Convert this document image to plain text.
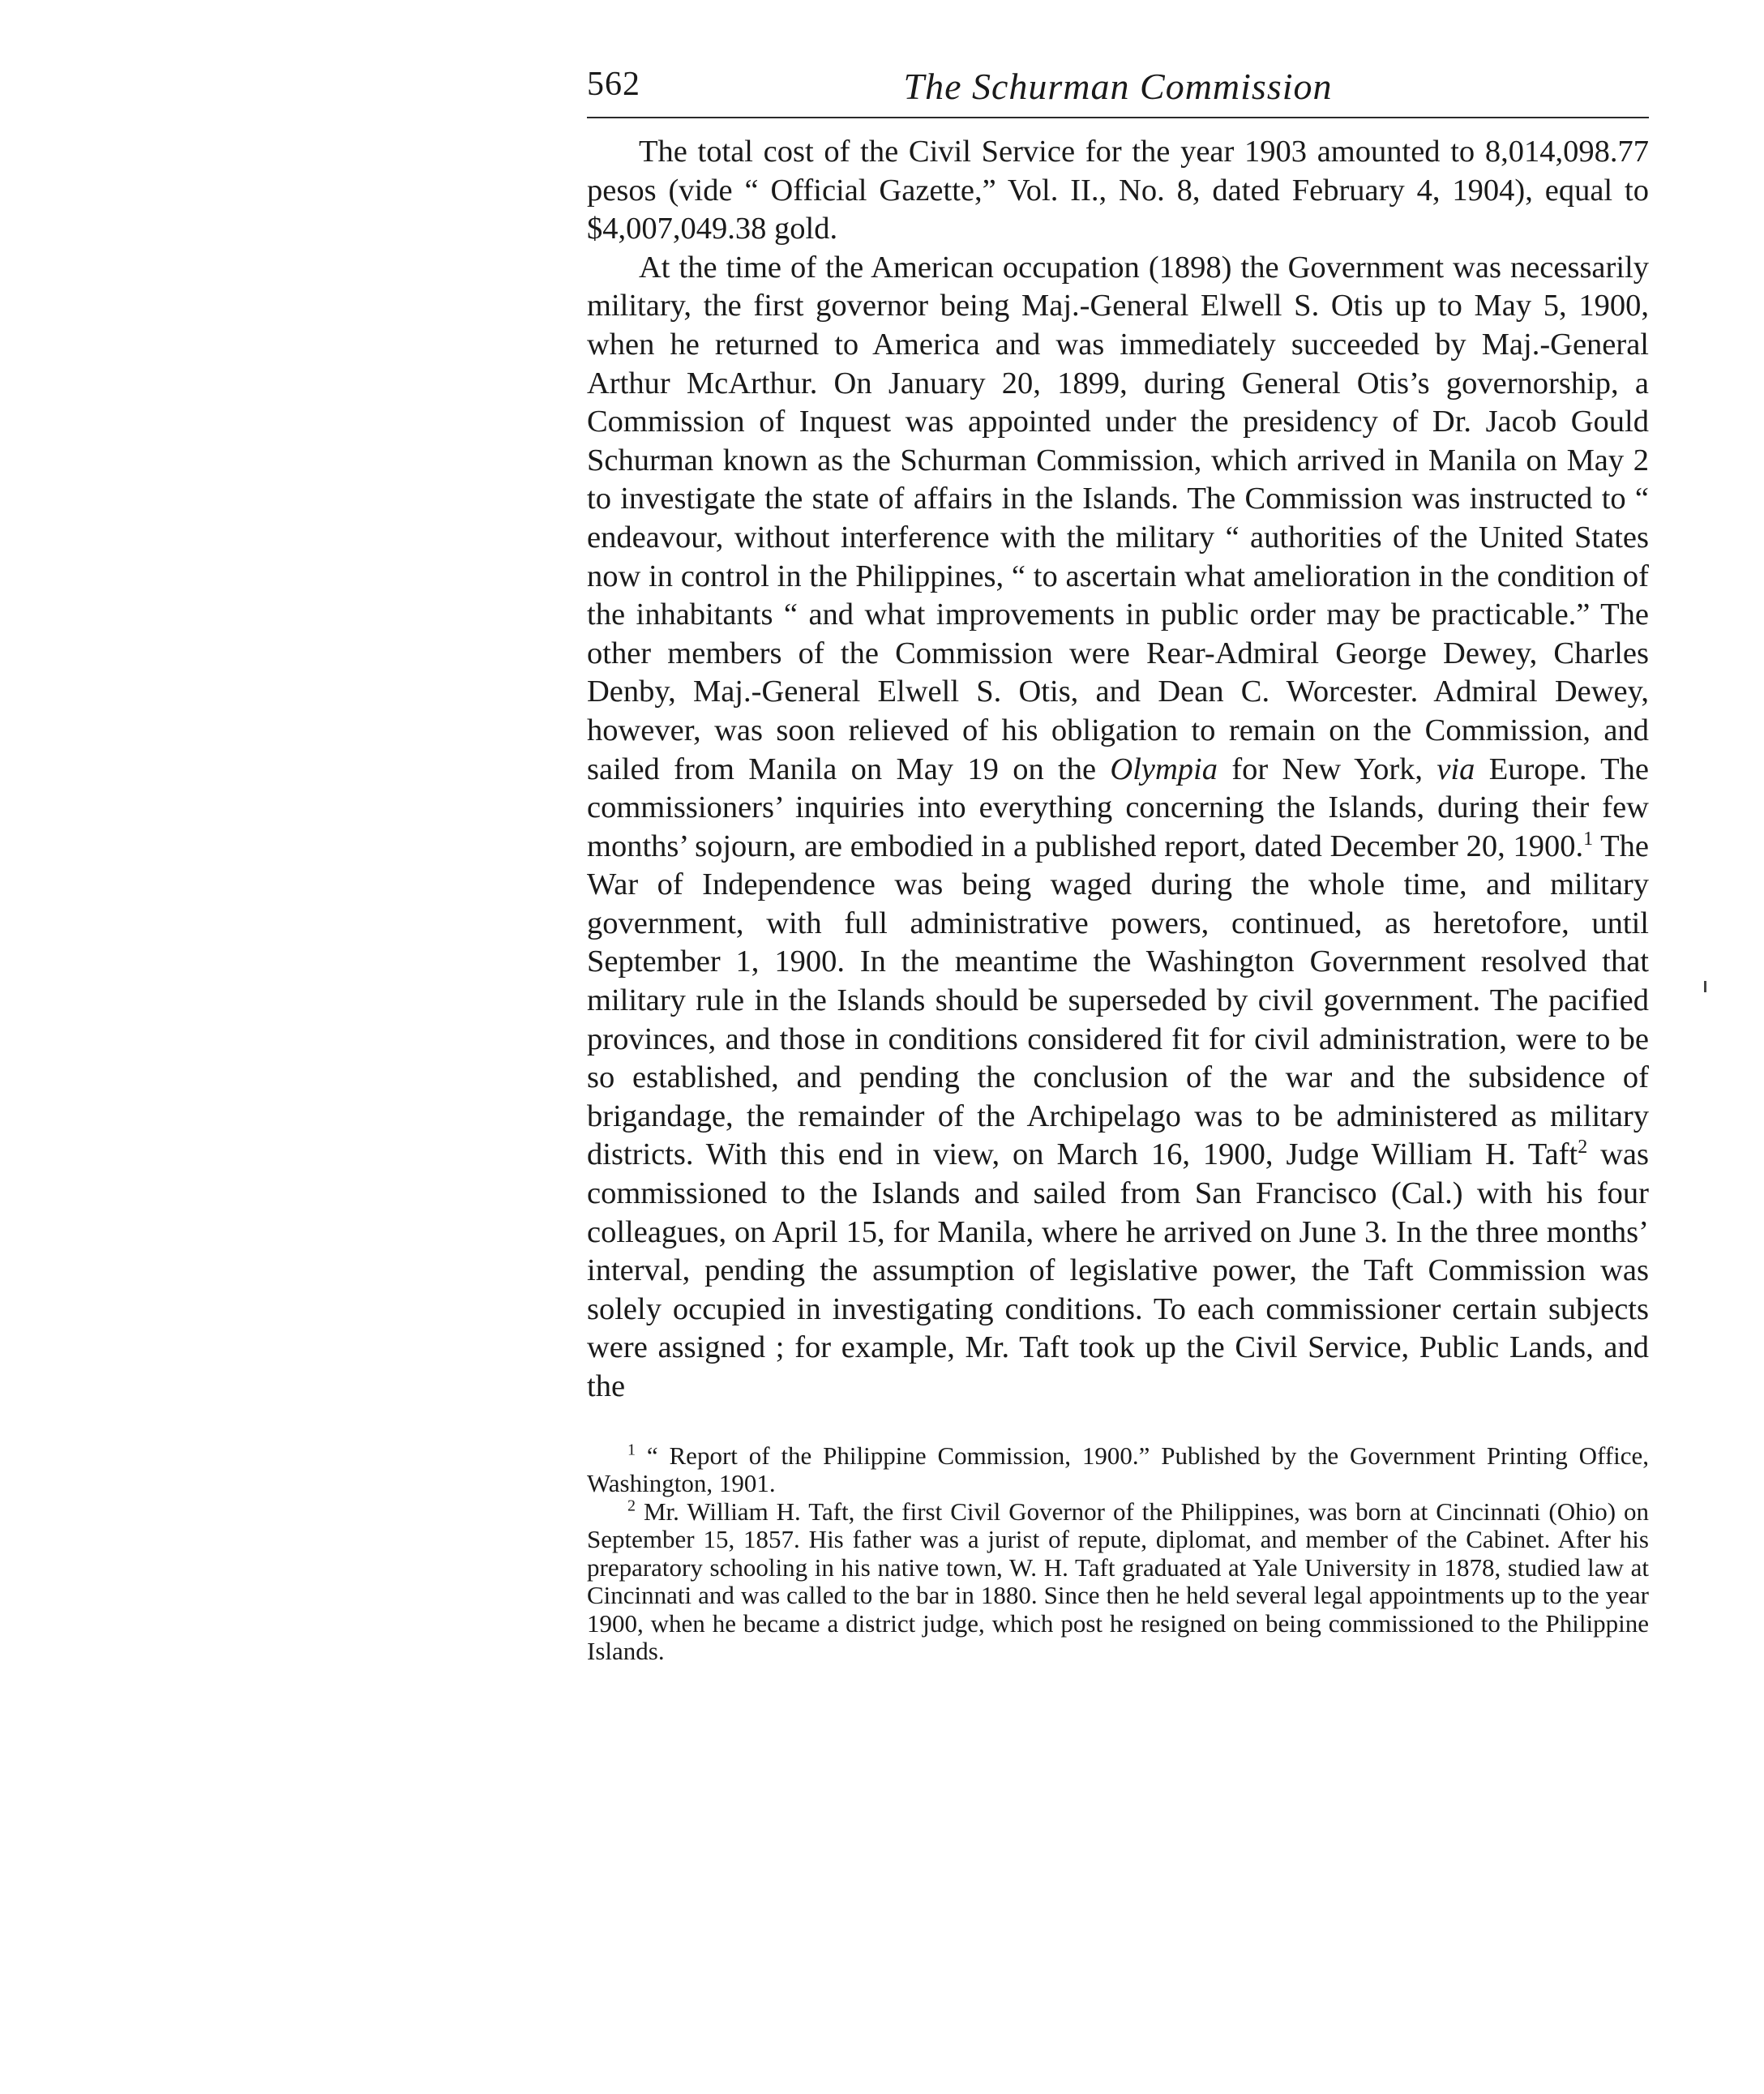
562	The Schurman Commission

The total cost of the Civil Service for the year 1903 amounted to 8,014,098.77 pesos (vide “ Official Gazette,” Vol. II., No. 8, dated February 4, 1904), equal to $4,007,049.38 gold.

At the time of the American occupation (1898) the Government was necessarily military, the first governor being Maj.-General Elwell S. Otis up to May 5, 1900, when he returned to America and was immediately succeeded by Maj.-General Arthur McArthur. On January 20, 1899, during General Otis’s governorship, a Commission of Inquest was appointed under the presidency of Dr. Jacob Gould Schurman known as the Schurman Commission, which arrived in Manila on May 2 to investigate the state of affairs in the Islands. The Commission was instructed to “ endeavour, without interference with the military “ authorities of the United States now in control in the Philippines, “ to ascertain what amelioration in the condition of the inhabitants “ and what improvements in public order may be practicable.” The other members of the Commission were Rear-Admiral George Dewey, Charles Denby, Maj.-General Elwell S. Otis, and Dean C. Worcester. Admiral Dewey, however, was soon relieved of his obligation to remain on the Commission, and sailed from Manila on May 19 on the Olympia for New York, via Europe. The commissioners’ inquiries into everything concerning the Islands, during their few months’ sojourn, are embodied in a published report, dated December 20, 1900.$^1$ The War of Independence was being waged during the whole time, and military government, with full administrative powers, continued, as heretofore, until September 1, 1900. In the meantime the Washington Government resolved that military rule in the Islands should be superseded by civil government. The pacified provinces, and those in conditions considered fit for civil administration, were to be so established, and pending the conclusion of the war and the subsidence of brigandage, the remainder of the Archipelago was to be administered as military districts. With this end in view, on March 16, 1900, Judge William H. Taft$^2$ was commissioned to the Islands and sailed from San Francisco (Cal.) with his four colleagues, on April 15, for Manila, where he arrived on June 3. In the three months’ interval, pending the assumption of legislative power, the Taft Commission was solely occupied in investigating conditions. To each commissioner certain subjects were assigned ; for example, Mr. Taft took up the Civil Service, Public Lands, and the

$^1$ “ Report of the Philippine Commission, 1900.” Published by the Government Printing Office, Washington, 1901.

$^2$ Mr. William H. Taft, the first Civil Governor of the Philippines, was born at Cincinnati (Ohio) on September 15, 1857. His father was a jurist of repute, diplomat, and member of the Cabinet. After his preparatory schooling in his native town, W. H. Taft graduated at Yale University in 1878, studied law at Cincinnati and was called to the bar in 1880. Since then he held several legal appointments up to the year 1900, when he became a district judge, which post he resigned on being commissioned to the Philippine Islands.
